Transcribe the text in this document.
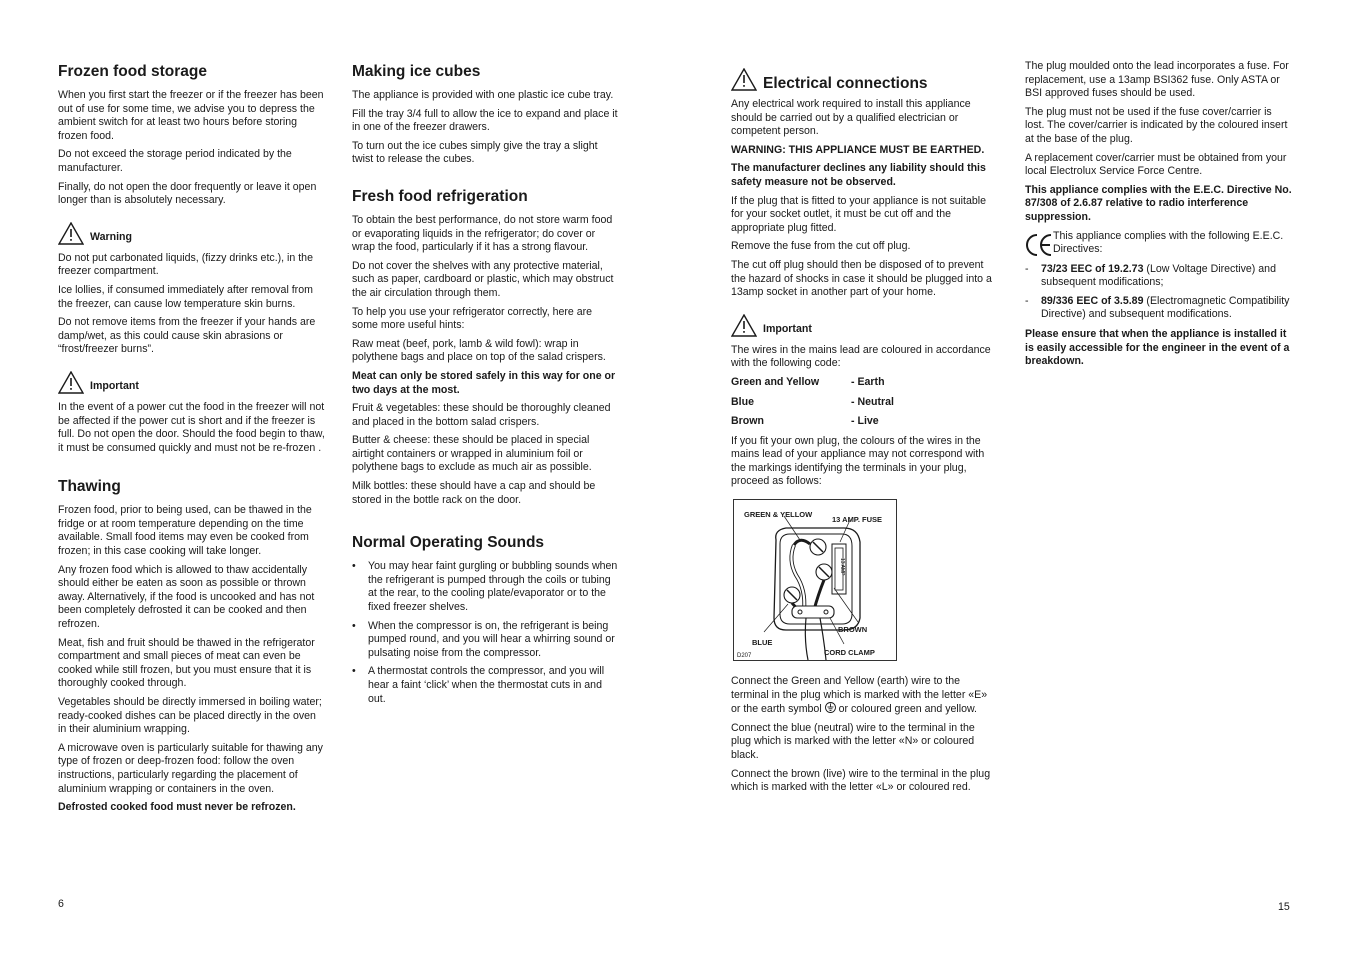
Frozen food storage

When you first start the freezer or if the freezer has been out of use for some time, we advise you to depress the ambient switch for at least two hours before storing frozen food.

Do not exceed the storage period indicated by the manufacturer.

Finally, do not open the door frequently or leave it open longer than is absolutely necessary.

Warning

Do not put carbonated liquids, (fizzy drinks etc.), in the freezer compartment.

Ice lollies, if consumed immediately after removal from the freezer, can cause low temperature skin burns.

Do not remove items from the freezer if your hands are damp/wet, as this could cause skin abrasions or “frost/freezer burns”.

Important

In the event of a power cut the food in the freezer will not be affected if the power cut is short and if the freezer is full. Do not open the door. Should the food begin to thaw, it must be consumed quickly and must not be re-frozen .

Thawing

Frozen food, prior to being used, can be thawed in the fridge or at room temperature depending on the time available. Small food items may even be cooked from frozen; in this case cooking will take longer.

Any frozen food which is allowed to thaw accidentally should either be eaten as soon as possible or thrown away. Alternatively, if the food is uncooked and has not been completely defrosted it can be cooked and then refrozen.

Meat, fish and fruit should be thawed in the refrigerator compartment and small pieces of meat can even be cooked while still frozen, but you must ensure that it is thoroughly cooked through.

Vegetables should be directly immersed in boiling water; ready-cooked dishes can be placed directly in the oven in their aluminium wrapping.

A microwave oven is particularly suitable for thawing any type of frozen or deep-frozen food: follow the oven instructions, particularly regarding the placement of aluminium wrapping or containers in the oven.

Defrosted cooked food must never be refrozen.

Making ice cubes

The appliance is provided with one plastic ice cube tray.

Fill the tray 3/4 full to allow the ice to expand and place it in one of the freezer drawers.

To turn out the ice cubes simply give the tray a slight twist to release the cubes.

Fresh food refrigeration

To obtain the best performance, do not store warm food or evaporating liquids in the refrigerator; do cover or wrap the food, particularly if it has a strong flavour.

Do not cover the shelves with any protective material, such as paper, cardboard or plastic, which may obstruct the air circulation through them.

To help you use your refrigerator correctly, here are some more useful hints:

Raw meat (beef, pork, lamb & wild fowl): wrap in polythene bags and place on top of the salad crispers.

Meat can only be stored safely in this way for one or two days at the most.

Fruit & vegetables: these should be thoroughly cleaned and placed in the bottom salad crispers.

Butter & cheese: these should be placed in special airtight containers or wrapped in aluminium foil or polythene bags to exclude as much air as possible.

Milk bottles: these should have a cap and should be stored in the bottle rack on the door.

Normal Operating Sounds
• You may hear faint gurgling or bubbling sounds when the refrigerant is pumped through the coils or tubing at the rear, to the cooling plate/evaporator or to the fixed freezer shelves.
• When the compressor is on, the refrigerant is being pumped round, and you will hear a whirring sound or pulsating noise from the compressor.
• A thermostat controls the compressor, and you will hear a faint ‘click’ when the thermostat cuts in and out.
Electrical connections

Any electrical work required to install this appliance should be carried out by a qualified electrician or competent person.

WARNING: THIS APPLIANCE MUST BE EARTHED.

The manufacturer declines any liability should this safety measure not be observed.

If the plug that is fitted to your appliance is not suitable for your socket outlet, it must be cut off and the appropriate plug fitted.

Remove the fuse from the cut off plug.

The cut off plug should then be disposed of to prevent the hazard of shocks in case it should be plugged into a 13amp socket in another part of your home.

Important

The wires in the mains lead are coloured in accordance with the following code:

Green and Yellow	- Earth
Blue	- Neutral
Brown	- Live

If you fit your own plug, the colours of the wires in the mains lead of your appliance may not correspond with the markings identifying the terminals in your plug, proceed as follows:

13 AMP
GREEN & YELLOW
13 AMP. FUSE
BROWN
BLUE
CORD CLAMP
D207

Connect the Green and Yellow (earth) wire to the terminal in the plug which is marked with the letter «E» or the earth symbol or coloured green and yellow.

Connect the blue (neutral) wire to the terminal in the plug which is marked with the letter «N» or coloured black.

Connect the brown (live) wire to the terminal in the plug which is marked with the letter «L» or coloured red.

The plug moulded onto the lead incorporates a fuse. For replacement, use a 13amp BSI362 fuse. Only ASTA or BSI approved fuses should be used.

The plug must not be used if the fuse cover/carrier is lost. The cover/carrier is indicated by the coloured insert at the base of the plug.

A replacement cover/carrier must be obtained from your local Electrolux Service Force Centre.

This appliance complies with the E.E.C. Directive No. 87/308 of 2.6.87 relative to radio interference suppression.

This appliance complies with the following E.E.C. Directives:
- 73/23 EEC of 19.2.73 (Low Voltage Directive) and subsequent modifications;
- 89/336 EEC of 3.5.89 (Electromagnetic Compatibility Directive) and subsequent modifications.

Please ensure that when the appliance is installed it is easily accessible for the engineer in the event of a breakdown.

6	15
